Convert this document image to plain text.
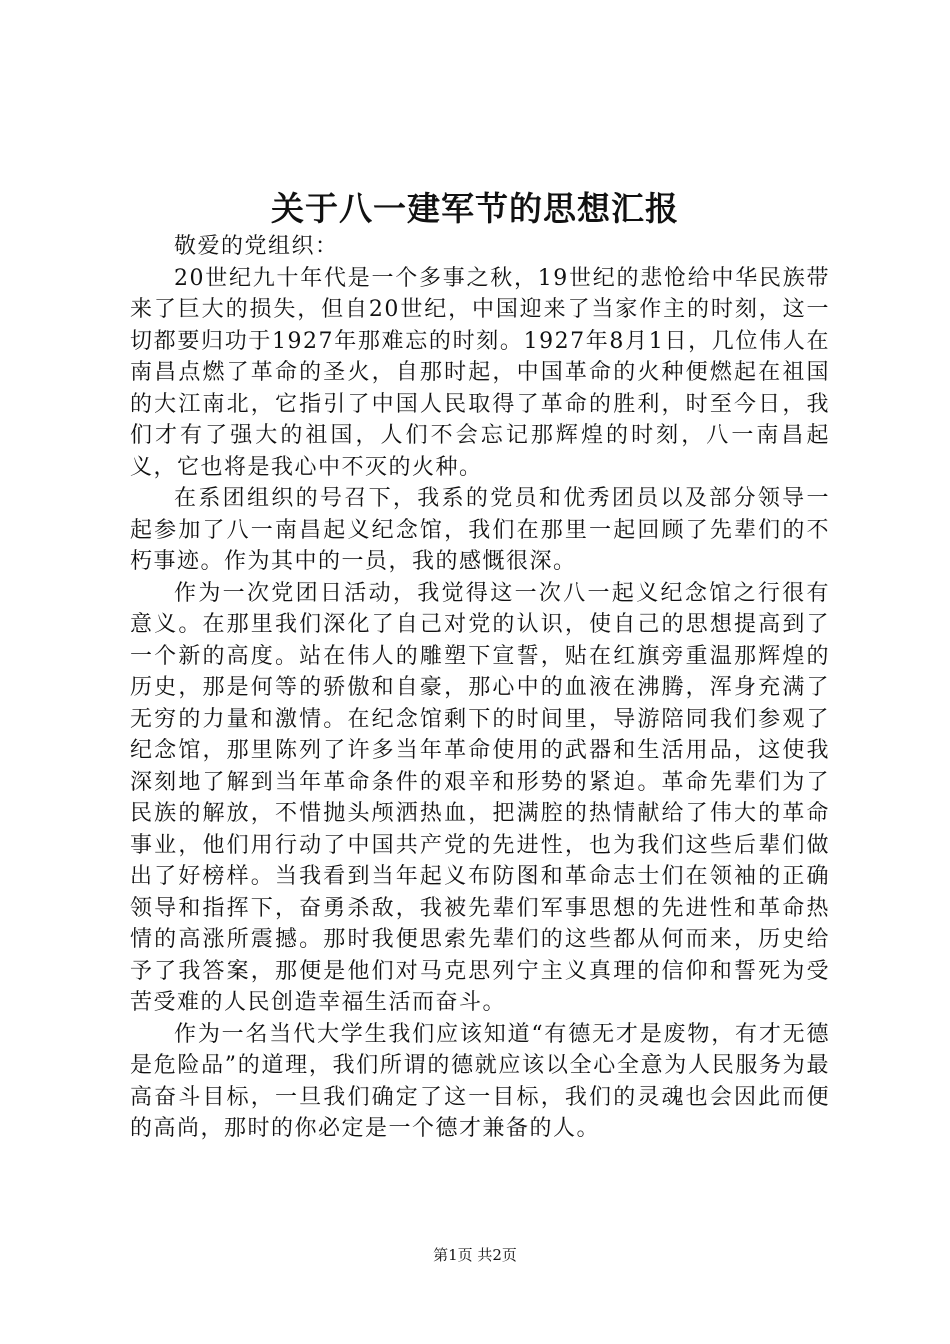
关于八一建军节的思想汇报

敬爱的党组织：

20世纪九十年代是一个多事之秋，19世纪的悲怆给中华民族带来了巨大的损失，但自20世纪，中国迎来了当家作主的时刻，这一切都要归功于1927年那难忘的时刻。1927年8月1日，几位伟人在南昌点燃了革命的圣火，自那时起，中国革命的火种便燃起在祖国的大江南北，它指引了中国人民取得了革命的胜利，时至今日，我们才有了强大的祖国，人们不会忘记那辉煌的时刻，八一南昌起义，它也将是我心中不灭的火种。

在系团组织的号召下，我系的党员和优秀团员以及部分领导一起参加了八一南昌起义纪念馆，我们在那里一起回顾了先辈们的不朽事迹。作为其中的一员，我的感慨很深。

作为一次党团日活动，我觉得这一次八一起义纪念馆之行很有意义。在那里我们深化了自己对党的认识，使自己的思想提高到了一个新的高度。站在伟人的雕塑下宣誓，贴在红旗旁重温那辉煌的历史，那是何等的骄傲和自豪，那心中的血液在沸腾，浑身充满了无穷的力量和激情。在纪念馆剩下的时间里，导游陪同我们参观了纪念馆，那里陈列了许多当年革命使用的武器和生活用品，这使我深刻地了解到当年革命条件的艰辛和形势的紧迫。革命先辈们为了民族的解放，不惜抛头颅洒热血，把满腔的热情献给了伟大的革命事业，他们用行动了中国共产党的先进性，也为我们这些后辈们做出了好榜样。当我看到当年起义布防图和革命志士们在领袖的正确领导和指挥下，奋勇杀敌，我被先辈们军事思想的先进性和革命热情的高涨所震撼。那时我便思索先辈们的这些都从何而来，历史给予了我答案，那便是他们对马克思列宁主义真理的信仰和誓死为受苦受难的人民创造幸福生活而奋斗。

作为一名当代大学生我们应该知道“有德无才是废物，有才无德是危险品”的道理，我们所谓的德就应该以全心全意为人民服务为最高奋斗目标，一旦我们确定了这一目标，我们的灵魂也会因此而便的高尚，那时的你必定是一个德才兼备的人。

第1页 共2页
